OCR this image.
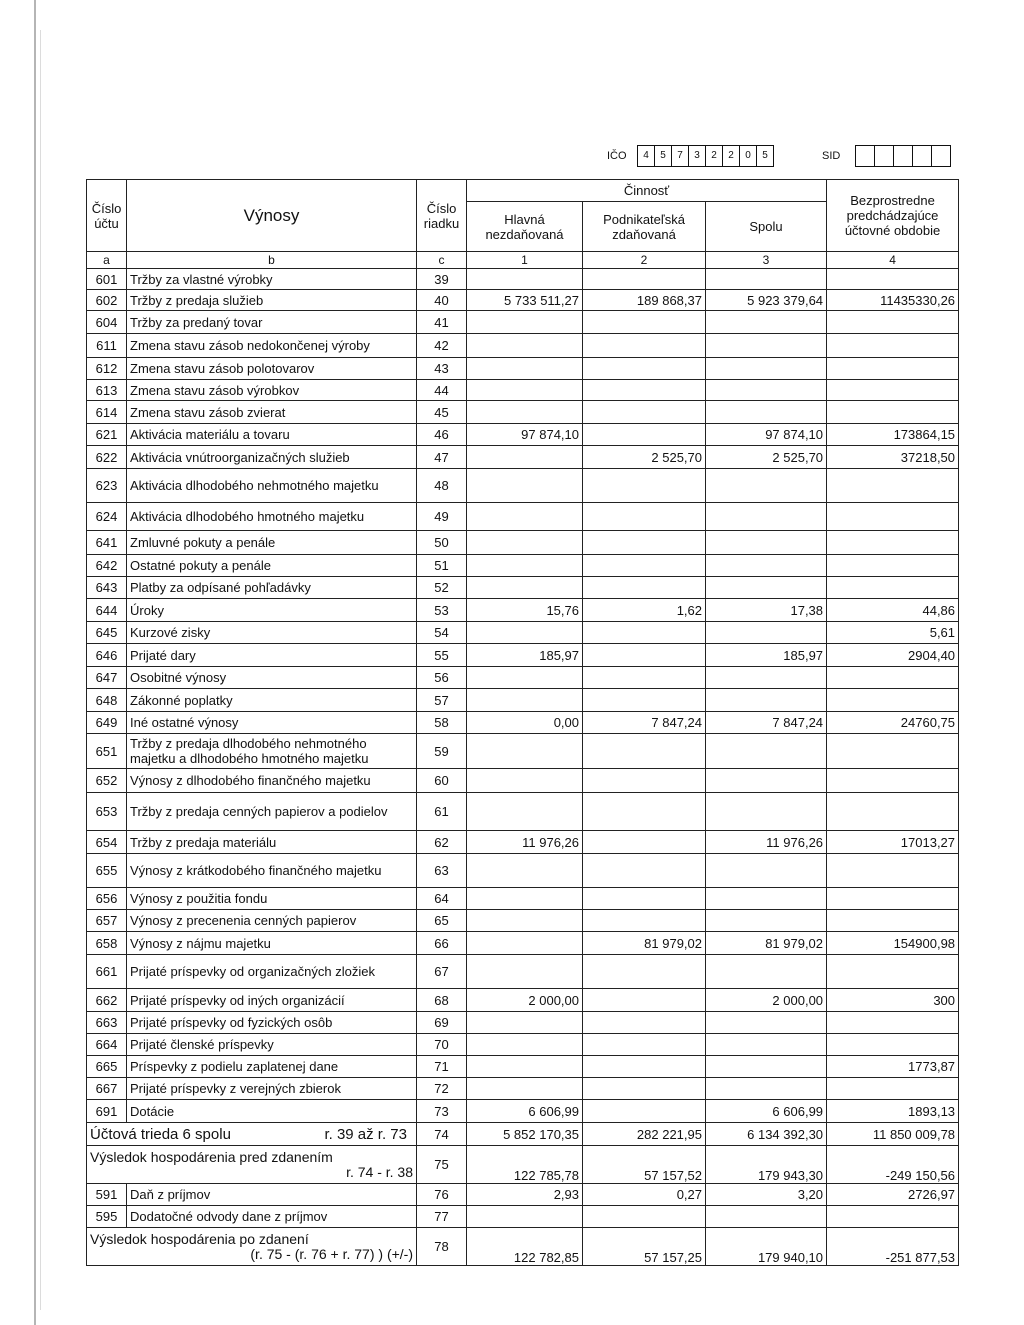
IČO	4	5	7	3	2	2	0	5	SID
Číslo účtu	Výnosy	Číslo riadku	Činnosť			Bezprostredne predchádzajúce účtovné obdobie
			Hlavná nezdaňovaná	Podnikateľská zdaňovaná	Spolu	
a	b	c	1	2	3	4
601	Tržby za vlastné výrobky	39				
602	Tržby z predaja služieb	40	5 733 511,27	189 868,37	5 923 379,64	11435330,26
604	Tržby za predaný tovar	41				
611	Zmena stavu zásob nedokončenej výroby	42				
612	Zmena stavu zásob polotovarov	43				
613	Zmena stavu zásob výrobkov	44				
614	Zmena stavu zásob zvierat	45				
621	Aktivácia materiálu a tovaru	46	97 874,10		97 874,10	173864,15
622	Aktivácia vnútroorganizačných služieb	47		2 525,70	2 525,70	37218,50
623	Aktivácia dlhodobého nehmotného majetku	48				
624	Aktivácia dlhodobého hmotného majetku	49				
641	Zmluvné pokuty a penále	50				
642	Ostatné pokuty a penále	51				
643	Platby za odpísané pohľadávky	52				
644	Úroky	53	15,76	1,62	17,38	44,86
645	Kurzové zisky	54				5,61
646	Prijaté dary	55	185,97		185,97	2904,40
647	Osobitné výnosy	56				
648	Zákonné poplatky	57				
649	Iné ostatné výnosy	58	0,00	7 847,24	7 847,24	24760,75
651	Tržby z predaja dlhodobého nehmotného majetku a dlhodobého hmotného majetku	59				
652	Výnosy z dlhodobého finančného majetku	60				
653	Tržby z predaja cenných papierov a podielov	61				
654	Tržby z predaja materiálu	62	11 976,26		11 976,26	17013,27
655	Výnosy z krátkodobého finančného majetku	63				
656	Výnosy z použitia fondu	64				
657	Výnosy z precenenia cenných papierov	65				
658	Výnosy z nájmu majetku	66		81 979,02	81 979,02	154900,98
661	Prijaté príspevky od organizačných zložiek	67				
662	Prijaté príspevky od iných organizácií	68	2 000,00		2 000,00	300
663	Prijaté príspevky od fyzických osôb	69				
664	Prijaté členské príspevky	70				
665	Príspevky z podielu zaplatenej dane	71				1773,87
667	Prijaté príspevky z verejných zbierok	72				
691	Dotácie	73	6 606,99		6 606,99	1893,13
Účtová trieda 6 spolu r. 39 až r. 73		74	5 852 170,35	282 221,95	6 134 392,30	11 850 009,78

Výsledok hospodárenia pred zdanením
r. 74 - r. 38		75	122 785,78	57 157,52	179 943,30	-249 150,56
591	Daň z príjmov	76	2,93	0,27	3,20	2726,97
595	Dodatočné odvody dane z príjmov	77				

Výsledok hospodárenia po zdanení
(r. 75 - (r. 76 + r. 77) ) (+/-)		78	122 782,85	57 157,25	179 940,10	-251 877,53
